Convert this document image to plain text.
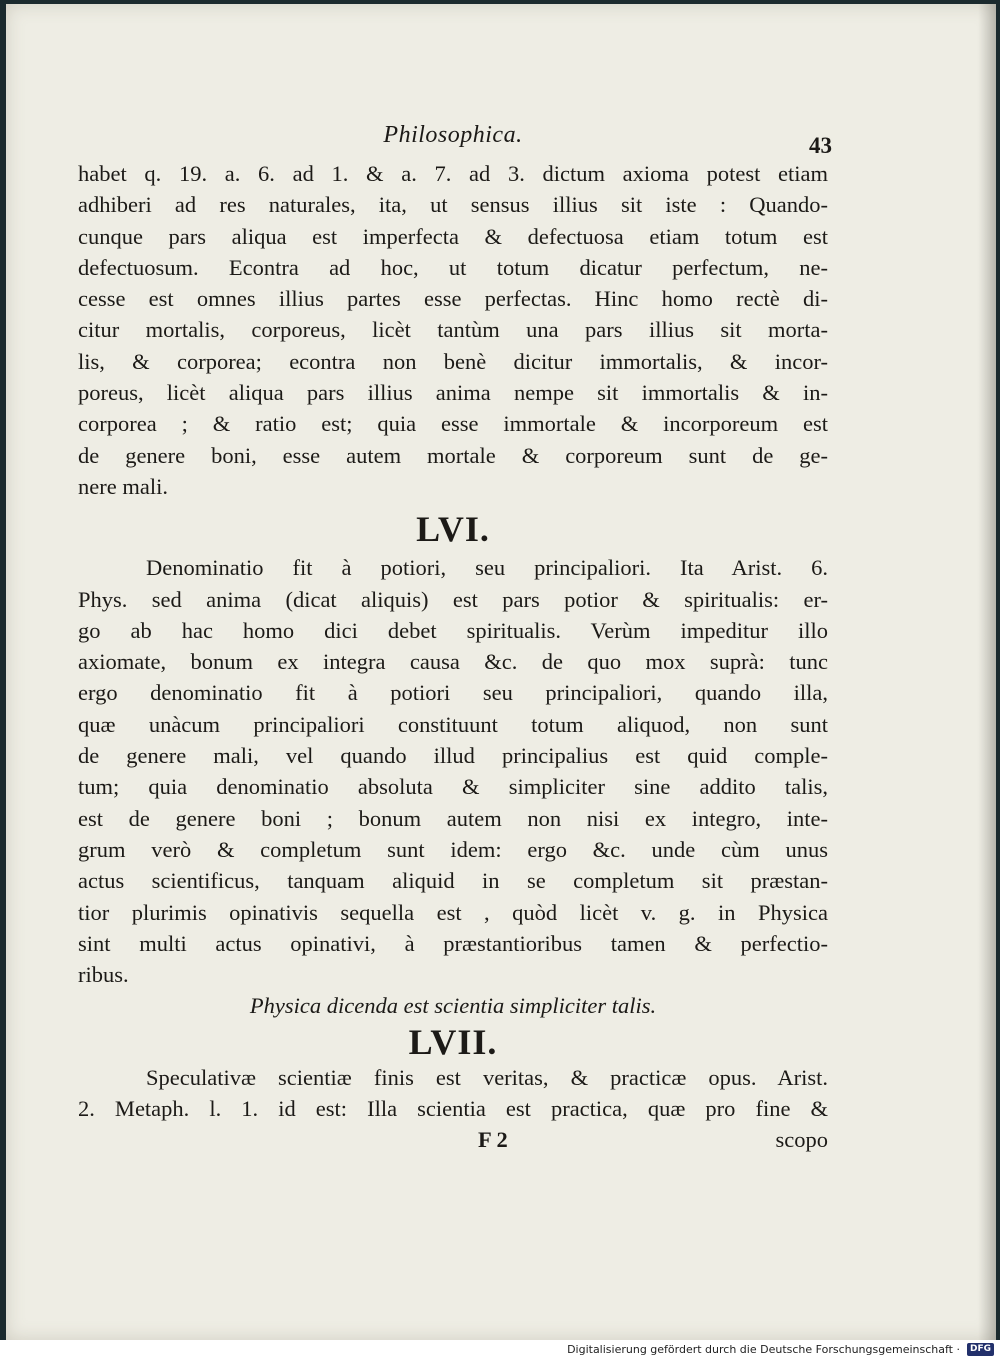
Philosophica.	43
habet q. 19. a. 6. ad 1. & a. 7. ad 3. dictum axioma potest etiam
adhiberi ad res naturales, ita, ut sensus illius sit iste : Quando-
cunque pars aliqua est imperfecta & defectuosa etiam totum est
defectuosum. Econtra ad hoc, ut totum dicatur perfectum, ne-
cesse est omnes illius partes esse perfectas. Hinc homo rectè di-
citur mortalis, corporeus, licèt tantùm una pars illius sit morta-
lis, & corporea; econtra non benè dicitur immortalis, & incor-
poreus, licèt aliqua pars illius anima nempe sit immortalis & in-
corporea ; & ratio est; quia esse immortale & incorporeum est
de genere boni, esse autem mortale & corporeum sunt de ge-
nere mali.
LVI.
Denominatio fit à potiori, seu principaliori. Ita Arist. 6.
Phys. sed anima (dicat aliquis) est pars potior & spiritualis: er-
go ab hac homo dici debet spiritualis. Verùm impeditur illo
axiomate, bonum ex integra causa &c. de quo mox suprà: tunc
ergo denominatio fit à potiori seu principaliori, quando illa,
quæ unàcum principaliori constituunt totum aliquod, non sunt
de genere mali, vel quando illud principalius est quid comple-
tum; quia denominatio absoluta & simpliciter sine addito talis,
est de genere boni ; bonum autem non nisi ex integro, inte-
grum verò & completum sunt idem: ergo &c. unde cùm unus
actus scientificus, tanquam aliquid in se completum sit præstan-
tior plurimis opinativis sequella est , quòd licèt v. g. in Physica
sint multi actus opinativi, à præstantioribus tamen & perfectio-
ribus.
Physica dicenda est scientia simpliciter talis.
LVII.
Speculativæ scientiæ finis est veritas, & practicæ opus. Arist.
2. Metaph. l. 1. id est: Illa scientia est practica, quæ pro fine &
F 2	scopo
Digitalisierung gefördert durch die Deutsche Forschungsgemeinschaft · DFG
